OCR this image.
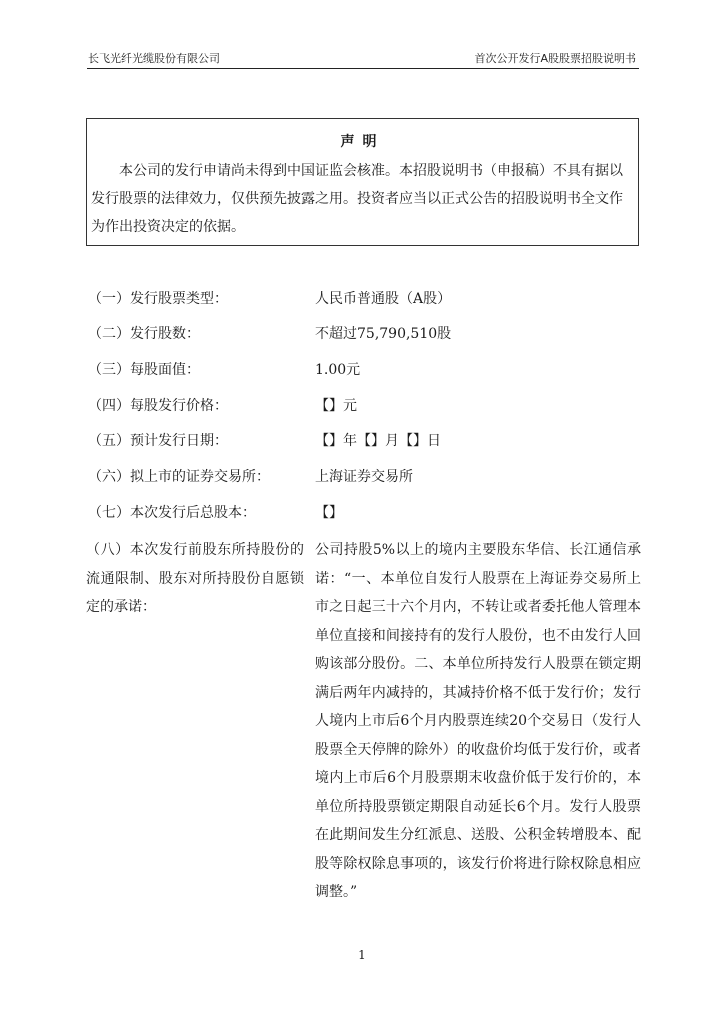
长飞光纤光缆股份有限公司	首次公开发行A股股票招股说明书
声明
本公司的发行申请尚未得到中国证监会核准。本招股说明书（申报稿）不具有据以发行股票的法律效力，仅供预先披露之用。投资者应当以正式公告的招股说明书全文作为作出投资决定的依据。
（一）发行股票类型：	人民币普通股（A股）
（二）发行股数：	不超过75,790,510股
（三）每股面值：	1.00元
（四）每股发行价格：	【】元
（五）预计发行日期：	【】年【】月【】日
（六）拟上市的证券交易所：	上海证券交易所
（七）本次发行后总股本：	【】
（八）本次发行前股东所持股份的流通限制、股东对所持股份自愿锁定的承诺：
公司持股5%以上的境内主要股东华信、长江通信承诺：“一、本单位自发行人股票在上海证券交易所上市之日起三十六个月内，不转让或者委托他人管理本单位直接和间接持有的发行人股份，也不由发行人回购该部分股份。二、本单位所持发行人股票在锁定期满后两年内减持的，其减持价格不低于发行价；发行人境内上市后6个月内股票连续20个交易日（发行人股票全天停牌的除外）的收盘价均低于发行价，或者境内上市后6个月股票期末收盘价低于发行价的，本单位所持股票锁定期限自动延长6个月。发行人股票在此期间发生分红派息、送股、公积金转增股本、配股等除权除息事项的，该发行价将进行除权除息相应调整。”
1
